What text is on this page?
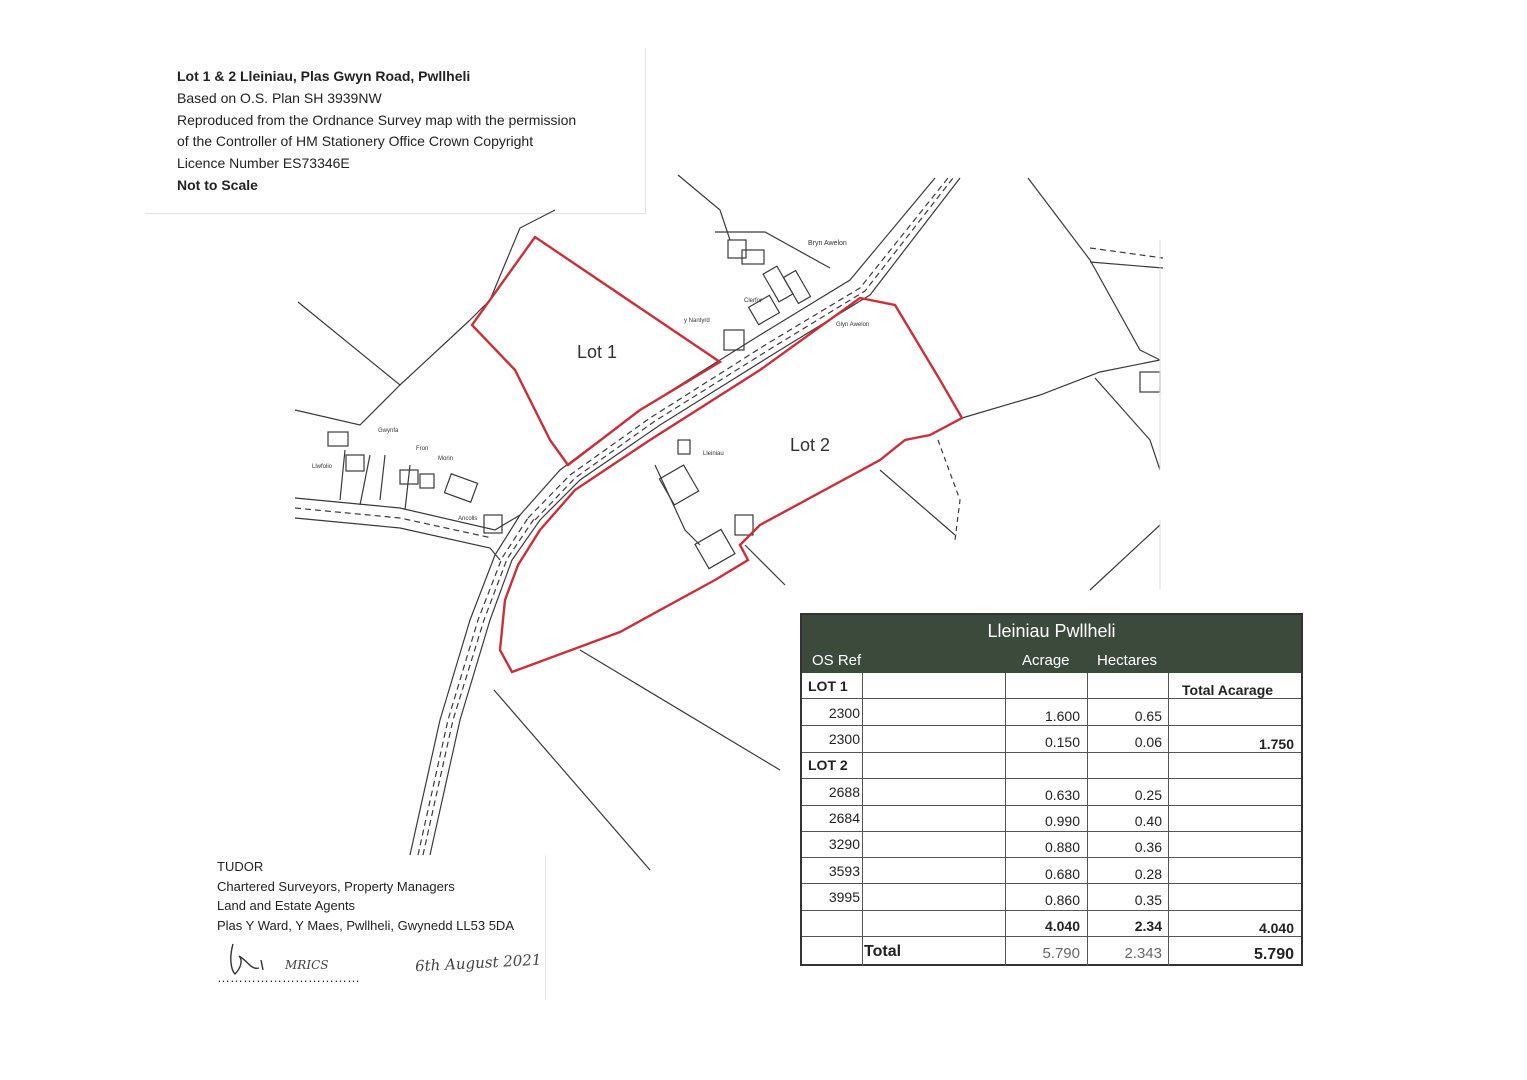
Lot 1 & 2 Lleiniau, Plas Gwyn Road, Pwllheli
Based on O.S. Plan SH 3939NW
Reproduced from the Ordnance Survey map with the permission
of the Controller of HM Stationery Office Crown Copyright
Licence Number ES73346E
Not to Scale
Bryn Awelon
Gwynfa
Fron
Morin
Llwfolio
Ancolls
Lleiniau
y Nantyrd
Clerfor
Glyn Awelon
Lot 1
Lot 2
TUDOR
Chartered Surveyors, Property Managers
Land and Estate Agents
Plas Y Ward, Y Maes, Pwllheli, Gwynedd LL53 5DA
MRICS	6th August 2021
……………………………
Lleiniau Pwllheli
OS Ref	Acrage Hectares
LOT 1	Total Acarage
2300	1.600	0.65
2300	0.150	0.06	1.750
LOT 2
2688	0.630	0.25
2684	0.990	0.40
3290	0.880	0.36
3593	0.680	0.28
3995	0.860	0.35
4.040	2.34	4.040
Total	5.790	2.343	5.790
